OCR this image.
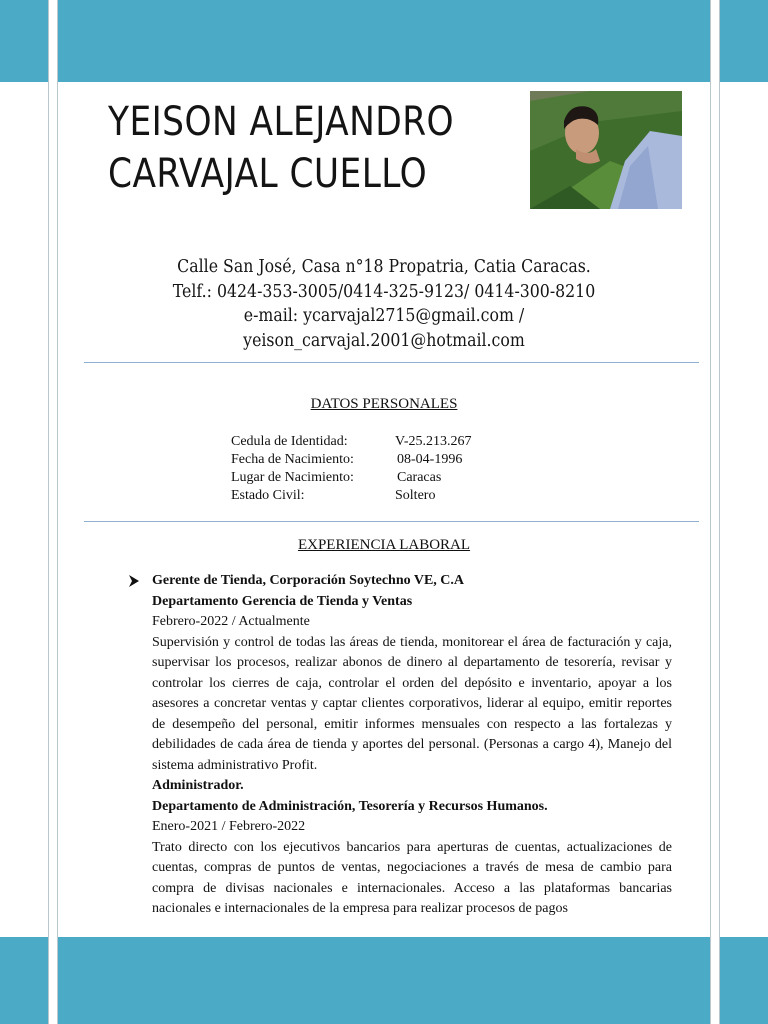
YEISON ALEJANDRO
CARVAJAL CUELLO
Calle San José, Casa n°18 Propatria, Catia Caracas.
Telf.: 0424-353-3005/0414-325-9123/ 0414-300-8210
e-mail: ycarvajal2715@gmail.com /
yeison_carvajal.2001@hotmail.com
DATOS PERSONALES
Cedula de Identidad:	V-25.213.267
Fecha de Nacimiento:	08-04-1996
Lugar de Nacimiento:	Caracas
Estado Civil:	Soltero
EXPERIENCIA LABORAL
Gerente de Tienda, Corporación Soytechno VE, C.A
Departamento Gerencia de Tienda y Ventas
Febrero-2022 / Actualmente
Supervisión y control de todas las áreas de tienda, monitorear el área de facturación y caja, supervisar los procesos, realizar abonos de dinero al departamento de tesorería, revisar y controlar los cierres de caja, controlar el orden del depósito e inventario, apoyar a los asesores a concretar ventas y captar clientes corporativos, liderar al equipo, emitir reportes de desempeño del personal, emitir informes mensuales con respecto a las fortalezas y debilidades de cada área de tienda y aportes del personal. (Personas a cargo 4), Manejo del sistema administrativo Profit.
Administrador.
Departamento de Administración, Tesorería y Recursos Humanos.
Enero-2021 / Febrero-2022
Trato directo con los ejecutivos bancarios para aperturas de cuentas, actualizaciones de cuentas, compras de puntos de ventas, negociaciones a través de mesa de cambio para compra de divisas nacionales e internacionales. Acceso a las plataformas bancarias nacionales e internacionales de la empresa para realizar procesos de pagos
